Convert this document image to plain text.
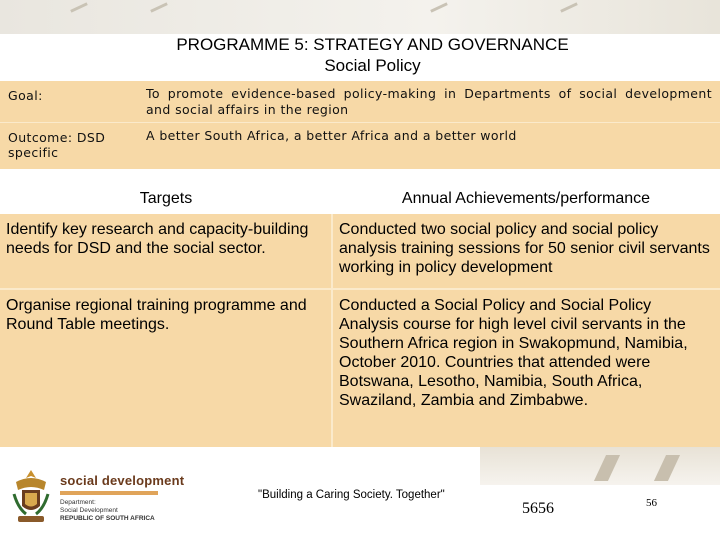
PROGRAMME 5: STRATEGY AND GOVERNANCE
Social Policy
Goal:	To promote evidence-based policy-making in Departments of social development and social affairs in the region
Outcome: DSD specific	A better South Africa, a better Africa and a better world
Targets	Annual Achievements/performance
Identify key research and capacity-building needs for DSD and the social sector.	Conducted two social policy and social policy analysis training sessions for 50 senior civil servants working in policy development
Organise regional training programme and Round Table meetings.	Conducted a Social Policy and Social Policy Analysis course for high level civil servants in the Southern Africa region in Swakopmund, Namibia, October 2010. Countries that attended were Botswana, Lesotho, Namibia, South Africa, Swaziland, Zambia and Zimbabwe.
social development
Department:
Social Development
REPUBLIC OF SOUTH AFRICA
"Building a Caring Society. Together"
5656	56
